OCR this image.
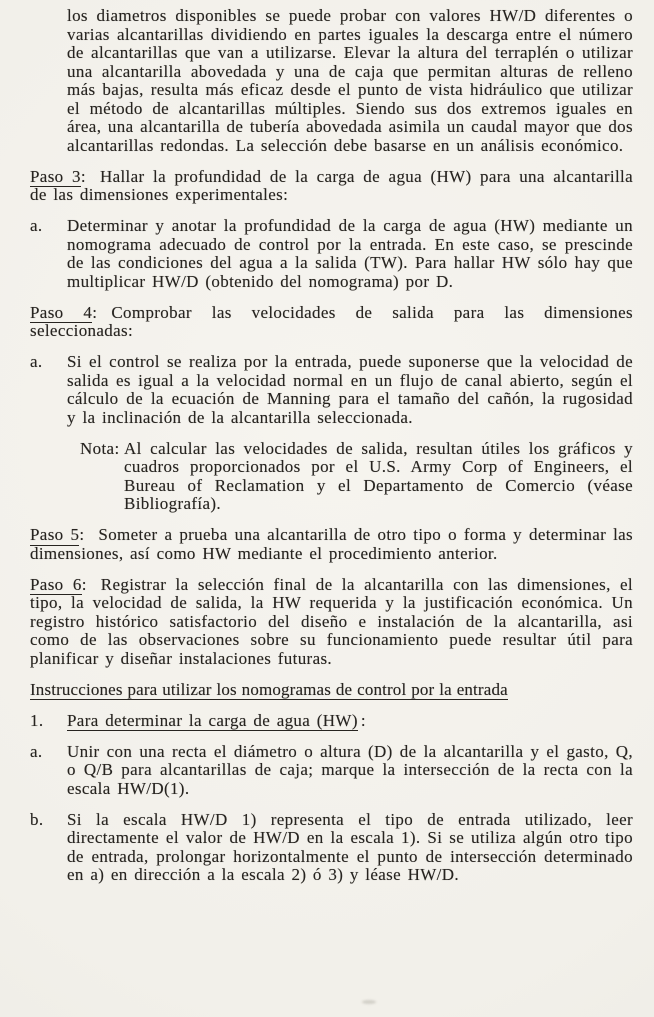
los diametros disponibles se puede probar con valores HW/D diferentes o varias alcantarillas dividiendo en partes iguales la descarga entre el número de alcantarillas que van a utilizarse. Elevar la altura del terraplén o utilizar una alcantarilla abovedada y una de caja que permitan alturas de relleno más bajas, resulta más eficaz desde el punto de vista hidráulico que utilizar el método de alcantarillas múltiples. Siendo sus dos extremos iguales en área, una alcantarilla de tubería abovedada asimila un caudal mayor que dos alcantarillas redondas. La selección debe basarse en un análisis económico.

Paso 3: Hallar la profundidad de la carga de agua (HW) para una alcantarilla de las dimensiones experimentales:

a.	Determinar y anotar la profundidad de la carga de agua (HW) mediante un nomograma adecuado de control por la entrada. En este caso, se prescinde de las condiciones del agua a la salida (TW). Para hallar HW sólo hay que multiplicar HW/D (obtenido del nomograma) por D.

Paso 4: Comprobar las velocidades de salida para las dimensiones seleccionadas:

a.	Si el control se realiza por la entrada, puede suponerse que la velocidad de salida es igual a la velocidad normal en un flujo de canal abierto, según el cálculo de la ecuación de Manning para el tamaño del cañón, la rugosidad y la inclinación de la alcantarilla seleccionada.

Nota: Al calcular las velocidades de salida, resultan útiles los gráficos y cuadros proporcionados por el U.S. Army Corp of Engineers, el Bureau of Reclamation y el Departamento de Comercio (véase Bibliografía).

Paso 5: Someter a prueba una alcantarilla de otro tipo o forma y determinar las dimensiones, así como HW mediante el procedimiento anterior.

Paso 6: Registrar la selección final de la alcantarilla con las dimensiones, el tipo, la velocidad de salida, la HW requerida y la justificación económica. Un registro histórico satisfactorio del diseño e instalación de la alcantarilla, asi como de las observaciones sobre su funcionamiento puede resultar útil para planificar y diseñar instalaciones futuras.

Instrucciones para utilizar los nomogramas de control por la entrada

1.	Para determinar la carga de agua (HW) :

a.	Unir con una recta el diámetro o altura (D) de la alcantarilla y el gasto, Q, o Q/B para alcantarillas de caja; marque la intersección de la recta con la escala HW/D(1).

b.	Si la escala HW/D 1) representa el tipo de entrada utilizado, leer directamente el valor de HW/D en la escala 1). Si se utiliza algún otro tipo de entrada, prolongar horizontalmente el punto de intersección determinado en a) en dirección a la escala 2) ó 3) y léase HW/D.
